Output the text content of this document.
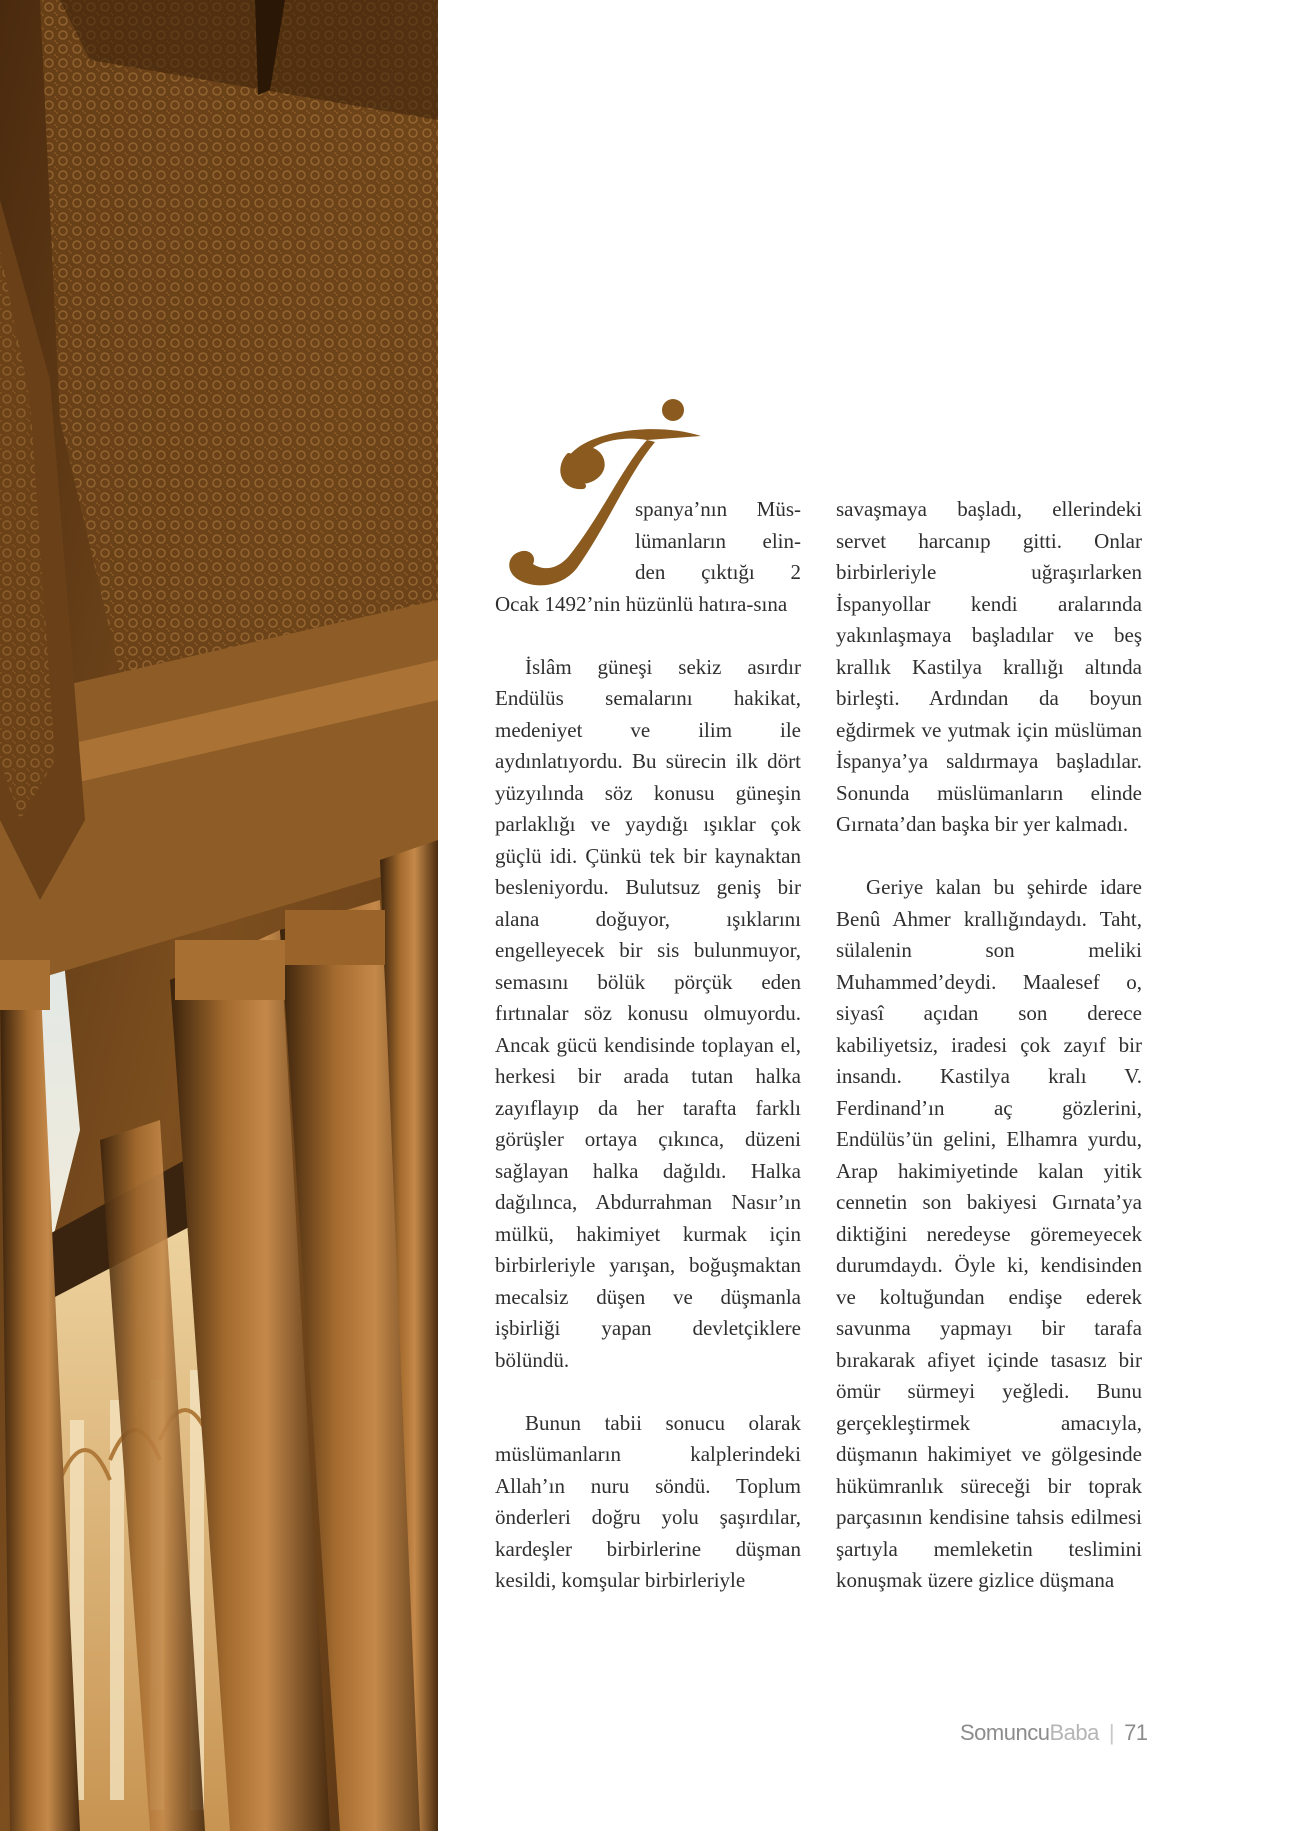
spanya’nın Müs-

lümanların elin-

den çıktığı 2

Ocak 1492’nin hüzünlü hatıra-sına

İslâm güneşi sekiz asırdır Endülüs semalarını hakikat, medeniyet ve ilim ile aydınlatıyordu. Bu sürecin ilk dört yüzyılında söz konusu güneşin parlaklığı ve yaydığı ışıklar çok güçlü idi. Çünkü tek bir kaynaktan besleniyordu. Bulutsuz geniş bir alana doğuyor, ışıklarını engelleyecek bir sis bulunmuyor, semasını bölük pörçük eden fırtınalar söz konusu olmuyordu. Ancak gücü kendisinde toplayan el, herkesi bir arada tutan halka zayıflayıp da her tarafta farklı görüşler ortaya çıkınca, düzeni sağlayan halka dağıldı. Halka dağılınca, Abdurrahman Nasır’ın mülkü, hakimiyet kurmak için birbirleriyle yarışan, boğuşmaktan mecalsiz düşen ve düşmanla işbirliği yapan devletçiklere bölündü.

Bunun tabii sonucu olarak müslümanların kalplerindeki Allah’ın nuru söndü. Toplum önderleri doğru yolu şaşırdılar, kardeşler birbirlerine düşman kesildi, komşular birbirleriyle

savaşmaya başladı, ellerindeki servet harcanıp gitti. Onlar birbirleriyle uğraşırlarken İspanyollar kendi aralarında yakınlaşmaya başladılar ve beş krallık Kastilya krallığı altında birleşti. Ardından da boyun eğdirmek ve yutmak için müslüman İspanya’ya saldırmaya başladılar. Sonunda müslümanların elinde Gırnata’dan başka bir yer kalmadı.

Geriye kalan bu şehirde idare Benû Ahmer krallığındaydı. Taht, sülalenin son meliki Muhammed’deydi. Maalesef o, siyasî açıdan son derece kabiliyetsiz, iradesi çok zayıf bir insandı. Kastilya kralı V. Ferdinand’ın aç gözlerini, Endülüs’ün gelini, Elhamra yurdu, Arap hakimiyetinde kalan yitik cennetin son bakiyesi Gırnata’ya diktiğini neredeyse göremeyecek durumdaydı. Öyle ki, kendisinden ve koltuğundan endişe ederek savunma yapmayı bir tarafa bırakarak afiyet içinde tasasız bir ömür sürmeyi yeğledi. Bunu gerçekleştirmek amacıyla, düşmanın hakimiyet ve gölgesinde hükümranlık süreceği bir toprak parçasının kendisine tahsis edilmesi şartıyla memleketin teslimini konuşmak üzere gizlice düşmana

Somuncu Baba | 71
